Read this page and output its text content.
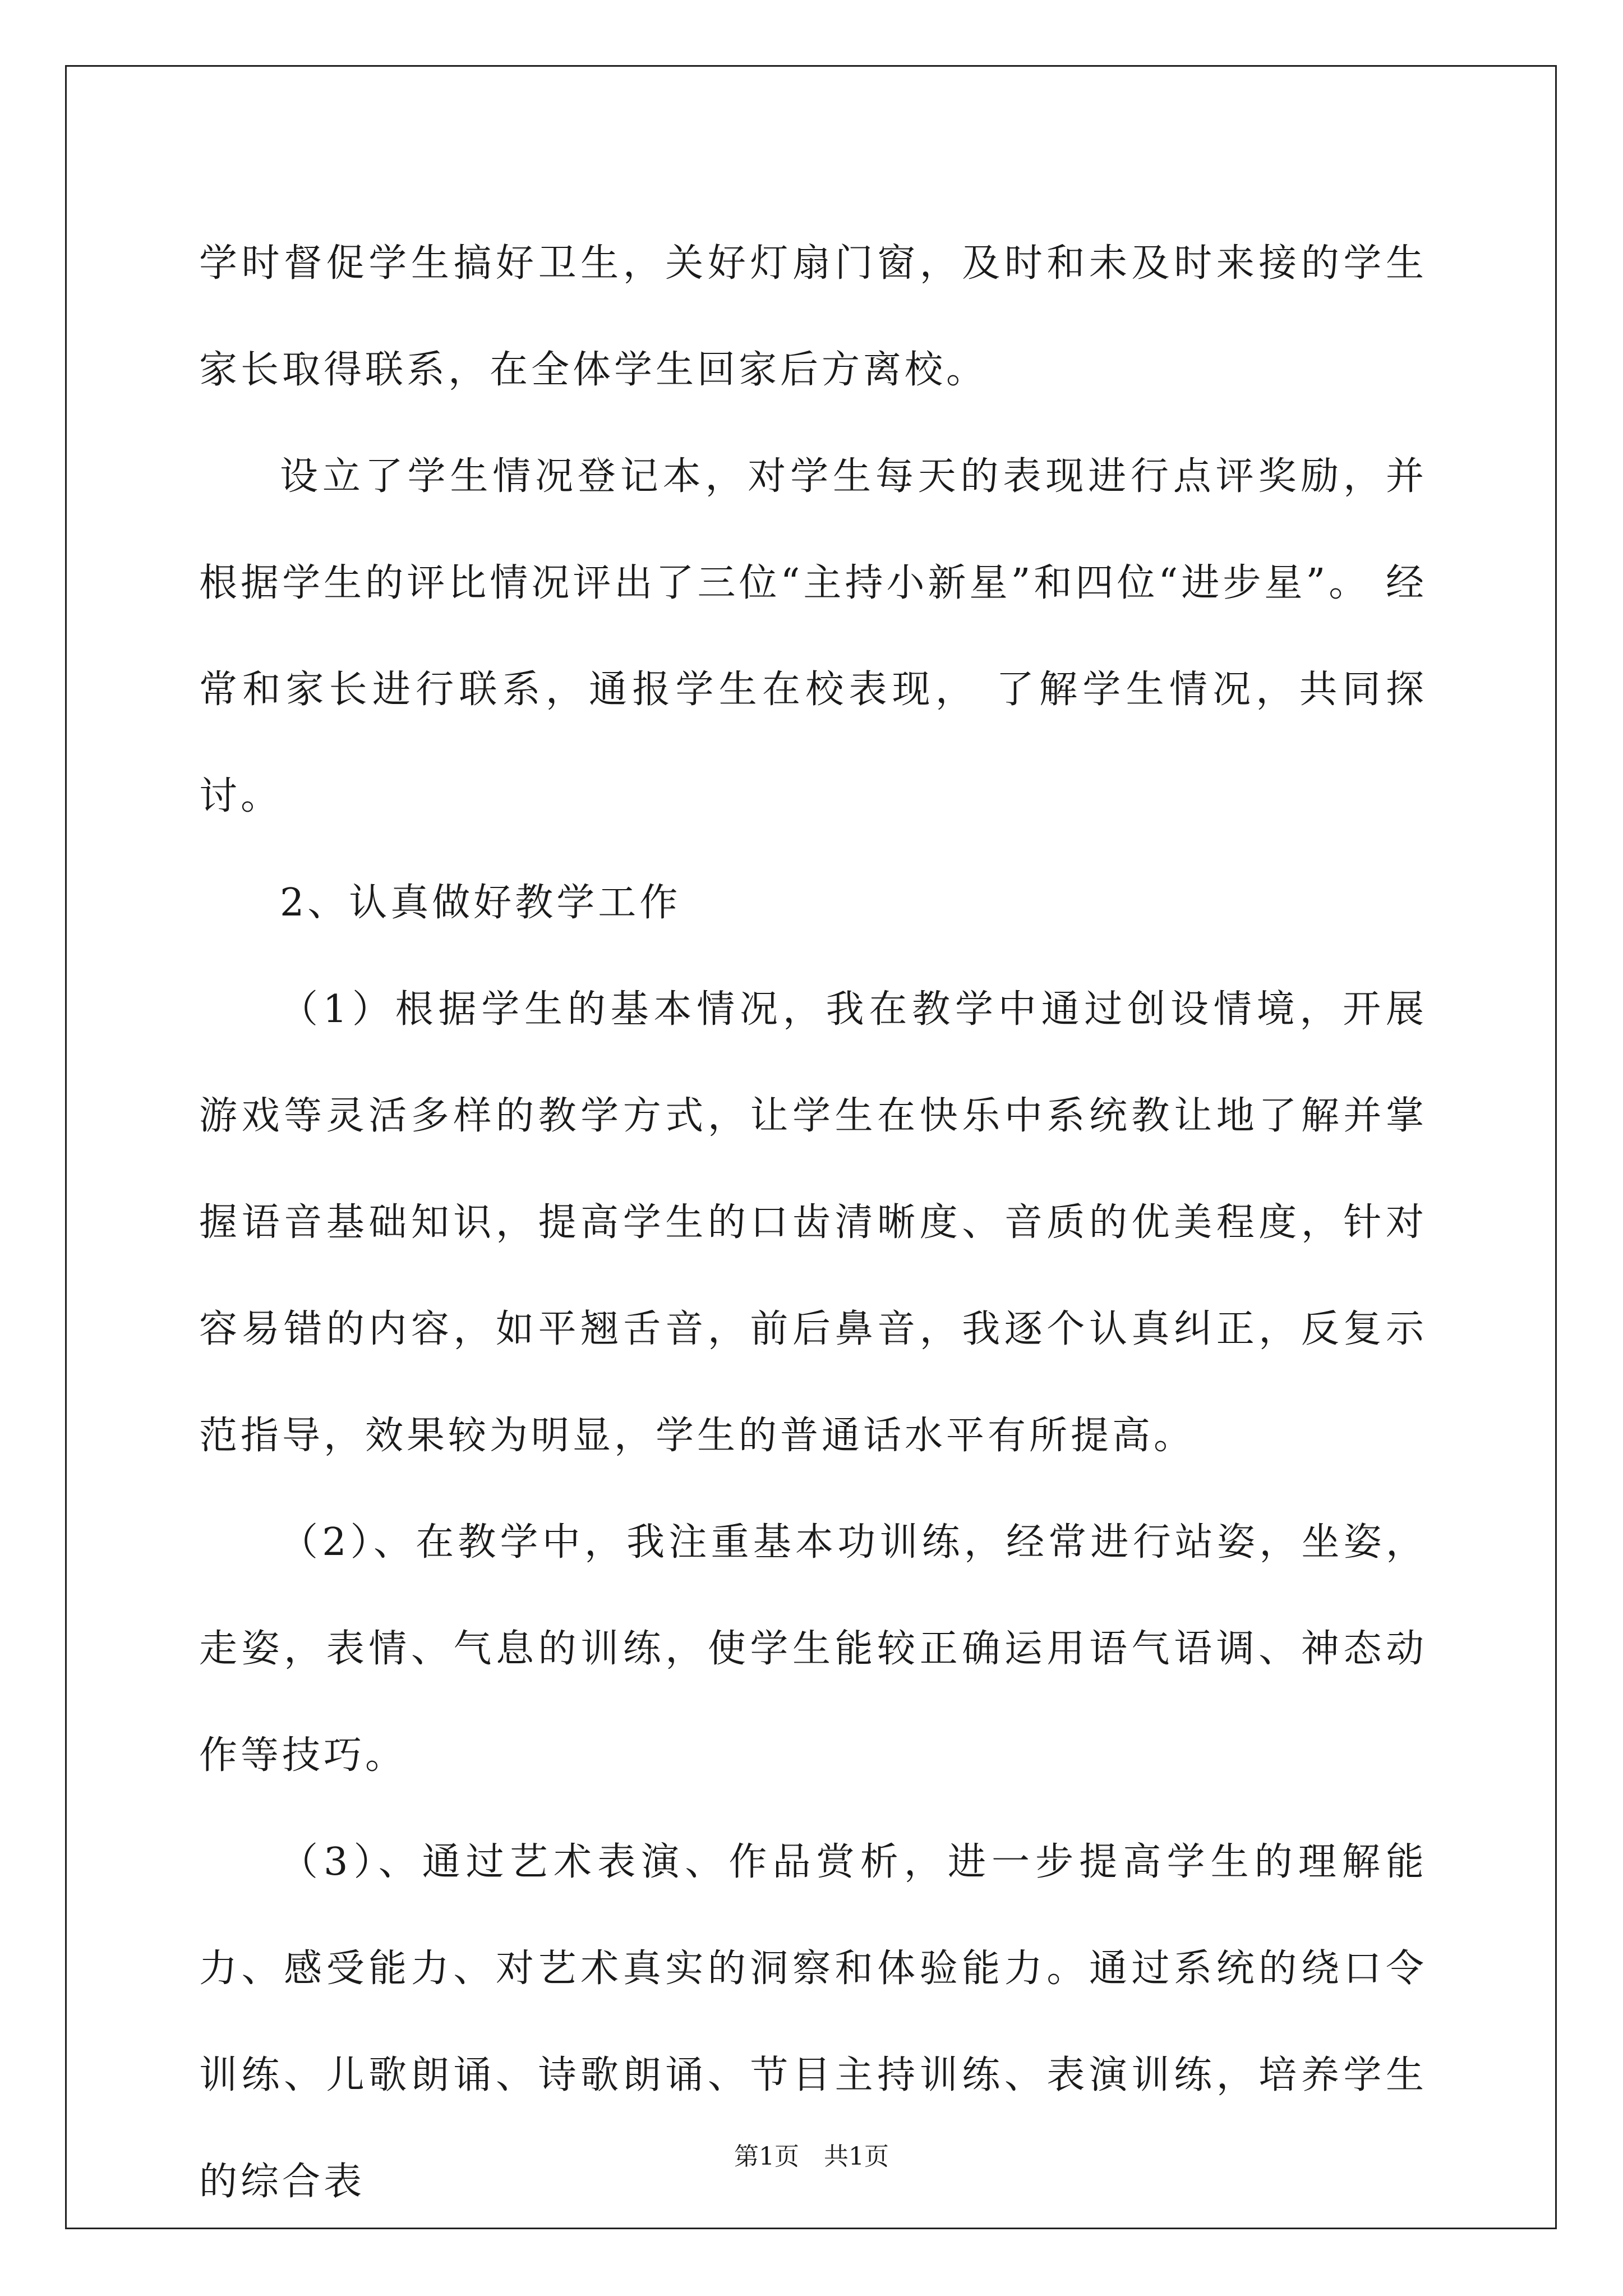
学时督促学生搞好卫生，关好灯扇门窗，及时和未及时来接的学生家长取得联系，在全体学生回家后方离校。

设立了学生情况登记本，对学生每天的表现进行点评奖励，并根据学生的评比情况评出了三位“主持小新星”和四位“进步星”。 经常和家长进行联系，通报学生在校表现， 了解学生情况，共同探讨。

2、认真做好教学工作

（1）根据学生的基本情况，我在教学中通过创设情境，开展游戏等灵活多样的教学方式，让学生在快乐中系统教让地了解并掌握语音基础知识，提高学生的口齿清晰度、音质的优美程度，针对容易错的内容，如平翘舌音，前后鼻音，我逐个认真纠正，反复示范指导，效果较为明显，学生的普通话水平有所提高。

（2）、在教学中，我注重基本功训练，经常进行站姿，坐姿，走姿，表情、气息的训练，使学生能较正确运用语气语调、神态动作等技巧。

（3）、通过艺术表演、作品赏析，进一步提高学生的理解能力、感受能力、对艺术真实的洞察和体验能力。通过系统的绕口令训练、儿歌朗诵、诗歌朗诵、节目主持训练、表演训练，培养学生的综合表

第1页　共1页
